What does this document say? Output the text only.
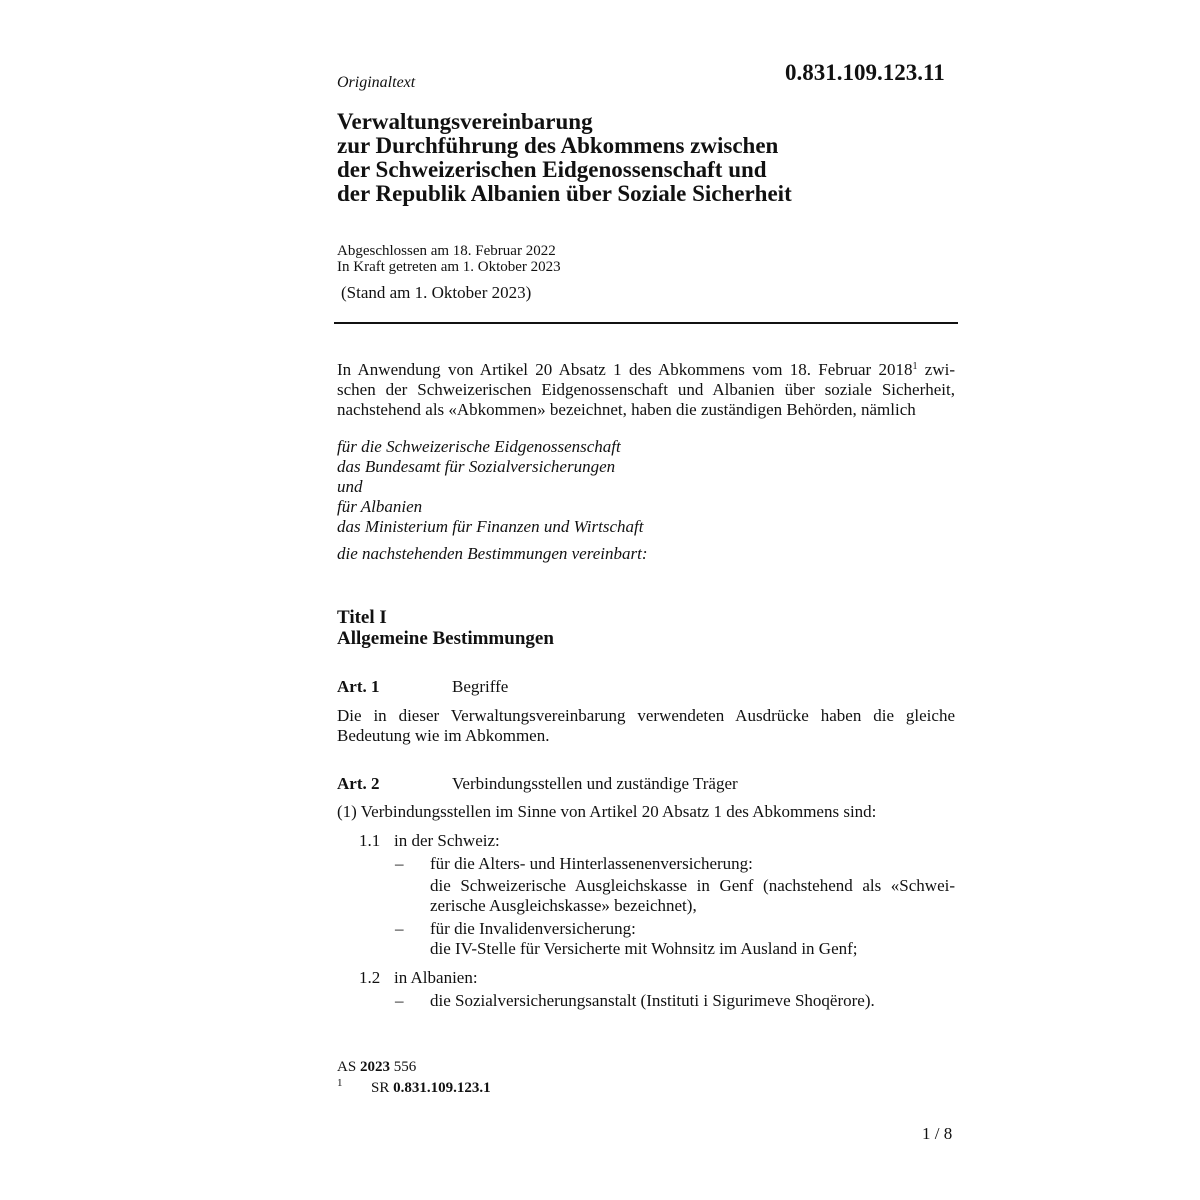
Originaltext	0.831.109.123.11
Verwaltungsvereinbarung
zur Durchführung des Abkommens zwischen
der Schweizerischen Eidgenossenschaft und
der Republik Albanien über Soziale Sicherheit
Abgeschlossen am 18. Februar 2022
In Kraft getreten am 1. Oktober 2023
(Stand am 1. Oktober 2023)
In Anwendung von Artikel 20 Absatz 1 des Abkommens vom 18. Februar 2018$^1$ zwi-
schen der Schweizerischen Eidgenossenschaft und Albanien über soziale Sicherheit,
nachstehend als «Abkommen» bezeichnet, haben die zuständigen Behörden, nämlich
für die Schweizerische Eidgenossenschaft
das Bundesamt für Sozialversicherungen
und
für Albanien
das Ministerium für Finanzen und Wirtschaft
die nachstehenden Bestimmungen vereinbart:
Titel I
Allgemeine Bestimmungen
Art. 1	Begriffe
Die in dieser Verwaltungsvereinbarung verwendeten Ausdrücke haben die gleiche
Bedeutung wie im Abkommen.
Art. 2	Verbindungsstellen und zuständige Träger
(1) Verbindungsstellen im Sinne von Artikel 20 Absatz 1 des Abkommens sind:
1.1 in der Schweiz:
– für die Alters- und Hinterlassenenversicherung:
die Schweizerische Ausgleichskasse in Genf (nachstehend als «Schwei-
zerische Ausgleichskasse» bezeichnet),
– für die Invalidenversicherung:
die IV-Stelle für Versicherte mit Wohnsitz im Ausland in Genf;
1.2 in Albanien:
– die Sozialversicherungsanstalt (Instituti i Sigurimeve Shoqërore).
AS 2023 556
1 SR 0.831.109.123.1
1 / 8
